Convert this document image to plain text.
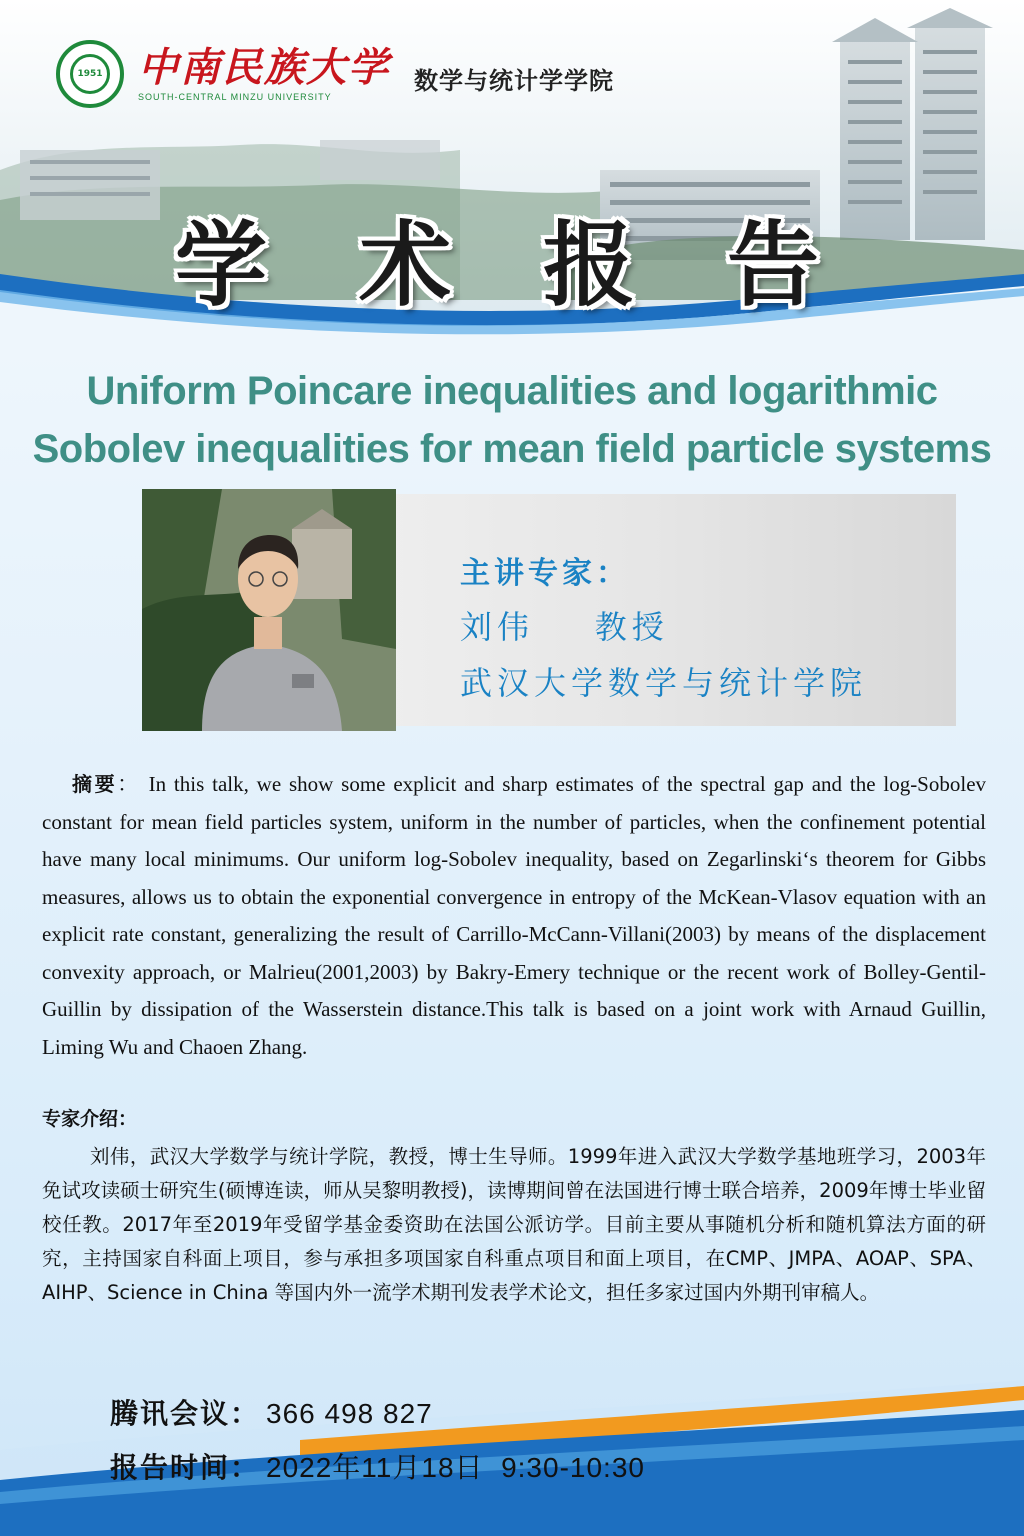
1951 中南民族大学
SOUTH-CENTRAL MINZU UNIVERSITY
数学与统计学学院
学 术 报 告
Uniform Poincare inequalities and logarithmic
Sobolev inequalities for mean field particle systems
主讲专家：
刘伟    教授
武汉大学数学与统计学院
摘要： In this talk, we show some explicit and sharp estimates of the spectral gap and the log-Sobolev constant for mean field particles system, uniform in the number of particles, when the confinement potential have many local minimums. Our uniform log-Sobolev inequality, based on Zegarlinski‘s theorem for Gibbs measures, allows us to obtain the exponential convergence in entropy of the McKean-Vlasov equation with an explicit rate constant, generalizing the result of Carrillo-McCann-Villani(2003) by means of the displacement convexity approach, or Malrieu(2001,2003) by Bakry-Emery technique or the recent work of Bolley-Gentil-Guillin by dissipation of the Wasserstein distance.This talk is based on a joint work with Arnaud Guillin, Liming Wu and Chaoen Zhang.
专家介绍：
刘伟，武汉大学数学与统计学院，教授，博士生导师。1999年进入武汉大学数学基地班学习，2003年免试攻读硕士研究生(硕博连读，师从吴黎明教授)，读博期间曾在法国进行博士联合培养，2009年博士毕业留校任教。2017年至2019年受留学基金委资助在法国公派访学。目前主要从事随机分析和随机算法方面的研究，主持国家自科面上项目，参与承担多项国家自科重点项目和面上项目，在CMP、JMPA、AOAP、SPA、AIHP、Science in China 等国内外一流学术期刊发表学术论文，担任多家过国内外期刊审稿人。
腾讯会议： 366 498 827
报告时间： 2022年11月18日  9:30-10:30
